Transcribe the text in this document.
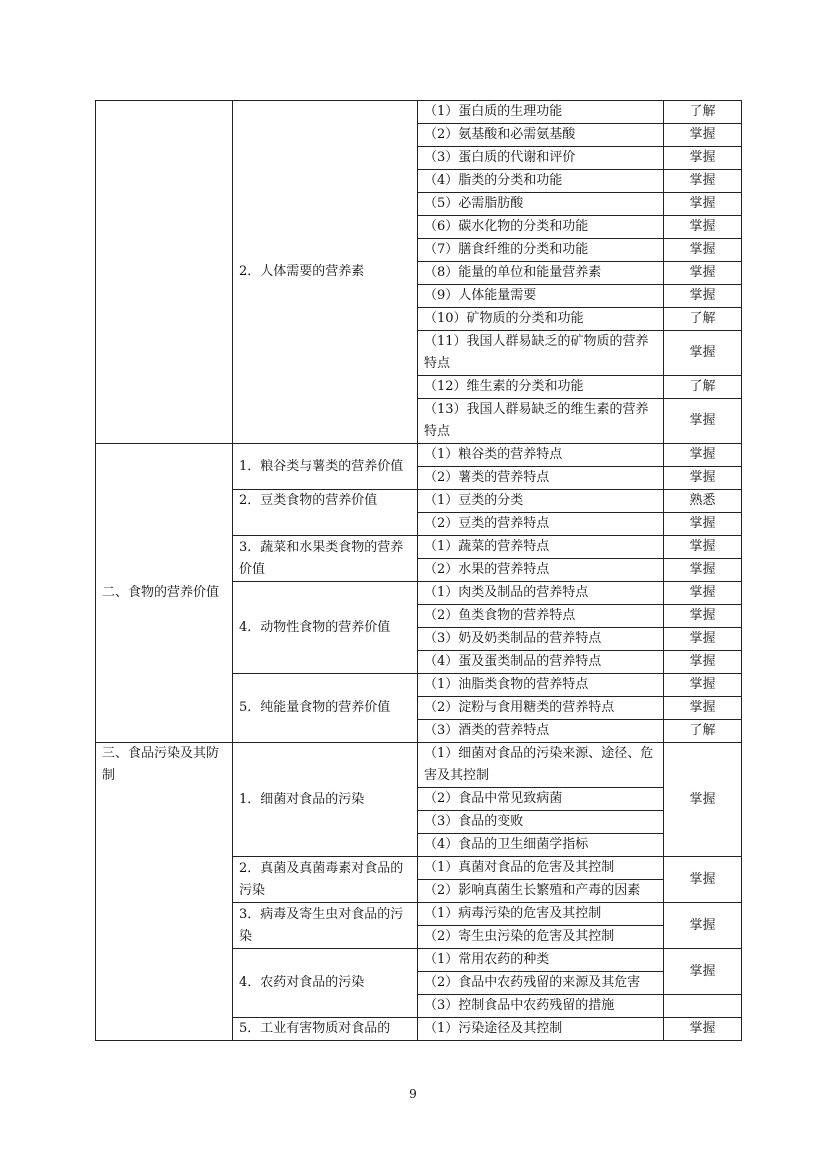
	2．人体需要的营养素	（1）蛋白质的生理功能	了解
		（2）氨基酸和必需氨基酸	掌握
		（3）蛋白质的代谢和评价	掌握
		（4）脂类的分类和功能	掌握
		（5）必需脂肪酸	掌握
		（6）碳水化物的分类和功能	掌握
		（7）膳食纤维的分类和功能	掌握
		（8）能量的单位和能量营养素	掌握
		（9）人体能量需要	掌握
		（10）矿物质的分类和功能	了解
		（11）我国人群易缺乏的矿物质的营养特点	掌握
		（12）维生素的分类和功能	了解
		（13）我国人群易缺乏的维生素的营养特点	掌握
二、食物的营养价值	1．粮谷类与薯类的营养价值	（1）粮谷类的营养特点	掌握
		（2）薯类的营养特点	掌握
	2．豆类食物的营养价值	（1）豆类的分类	熟悉
		（2）豆类的营养特点	掌握
	3．蔬菜和水果类食物的营养价值	（1）蔬菜的营养特点	掌握
		（2）水果的营养特点	掌握
	4．动物性食物的营养价值	（1）肉类及制品的营养特点	掌握
		（2）鱼类食物的营养特点	掌握
		（3）奶及奶类制品的营养特点	掌握
		（4）蛋及蛋类制品的营养特点	掌握
	5．纯能量食物的营养价值	（1）油脂类食物的营养特点	掌握
		（2）淀粉与食用糖类的营养特点	掌握
		（3）酒类的营养特点	了解
三、食品污染及其防制	1．细菌对食品的污染	（1）细菌对食品的污染来源、途径、危害及其控制	掌握
		（2）食品中常见致病菌	
		（3）食品的变败	
		（4）食品的卫生细菌学指标	
	2．真菌及真菌毒素对食品的污染	（1）真菌对食品的危害及其控制	掌握
		（2）影响真菌生长繁殖和产毒的因素	
	3．病毒及寄生虫对食品的污染	（1）病毒污染的危害及其控制	掌握
		（2）寄生虫污染的危害及其控制	
	4．农药对食品的污染	（1）常用农药的种类	掌握
		（2）食品中农药残留的来源及其危害	
		（3）控制食品中农药残留的措施	
	5．工业有害物质对食品的	（1）污染途径及其控制	掌握
9
